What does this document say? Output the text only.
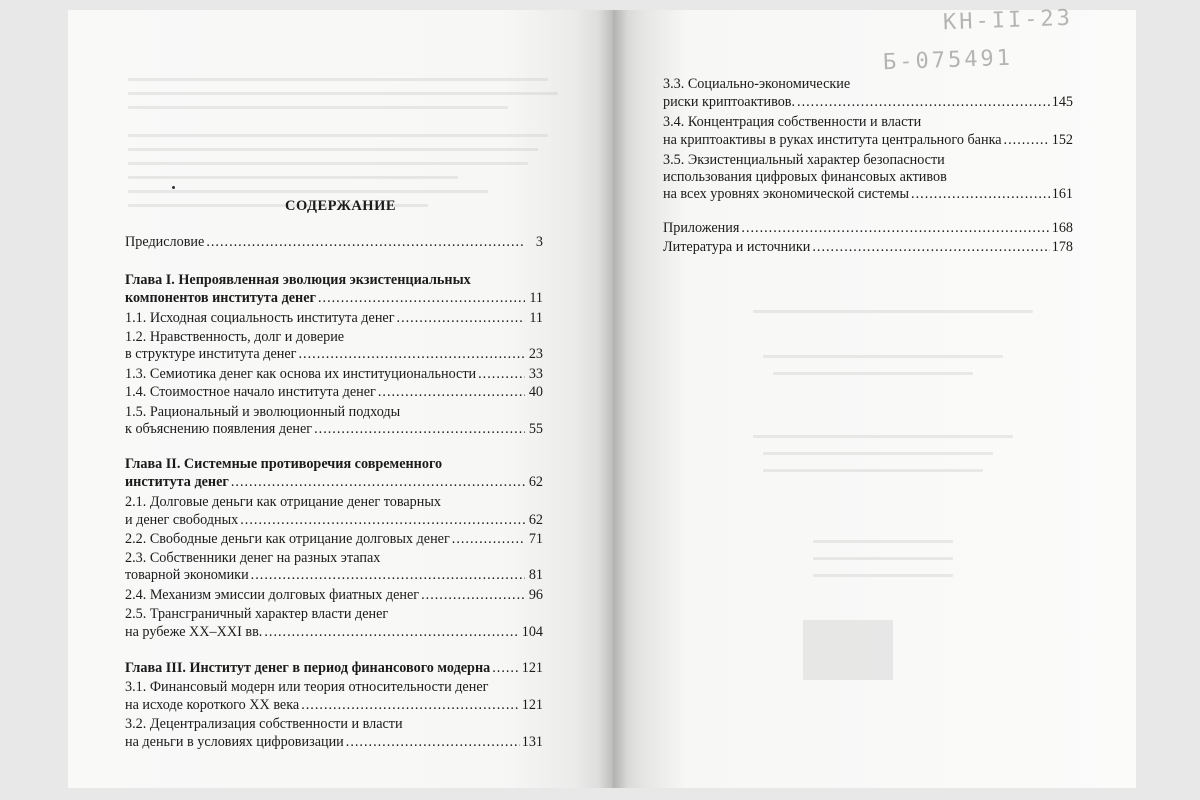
СОДЕРЖАНИЕ
Предисловие .....	3
Глава I. Непроявленная эволюция экзистенциальных
компонентов института денег .....	11
1.1. Исходная социальность института денег .....	11
1.2. Нравственность, долг и доверие
в структуре института денег .....	23
1.3. Семиотика денег как основа их институциональности .....	33
1.4. Стоимостное начало института денег .....	40
1.5. Рациональный и эволюционный подходы
к объяснению появления денег .....	55
Глава II. Системные противоречия современного
института денег .....	62
2.1. Долговые деньги как отрицание денег товарных
и денег свободных .....	62
2.2. Свободные деньги как отрицание долговых денег .....	71
2.3. Собственники денег на разных этапах
товарной экономики .....	81
2.4. Механизм эмиссии долговых фиатных денег .....	96
2.5. Трансграничный характер власти денег
на рубеже XX–XXI вв. .....	104
Глава III. Институт денег в период финансового модерна ..... 121
3.1. Финансовый модерн или теория относительности денег
на исходе короткого XX века .....	121
3.2. Децентрализация собственности и власти
на деньги в условиях цифровизации .....	131
КН-II-23
Б-075491
3.3. Социально-экономические
риски криптоактивов. .....	145
3.4. Концентрация собственности и власти
на криптоактивы в руках института центрального банка .....	152
3.5. Экзистенциальный характер безопасности
использования цифровых финансовых активов
на всех уровнях экономической системы .....	161
Приложения .....	168
Литература и источники .....	178
